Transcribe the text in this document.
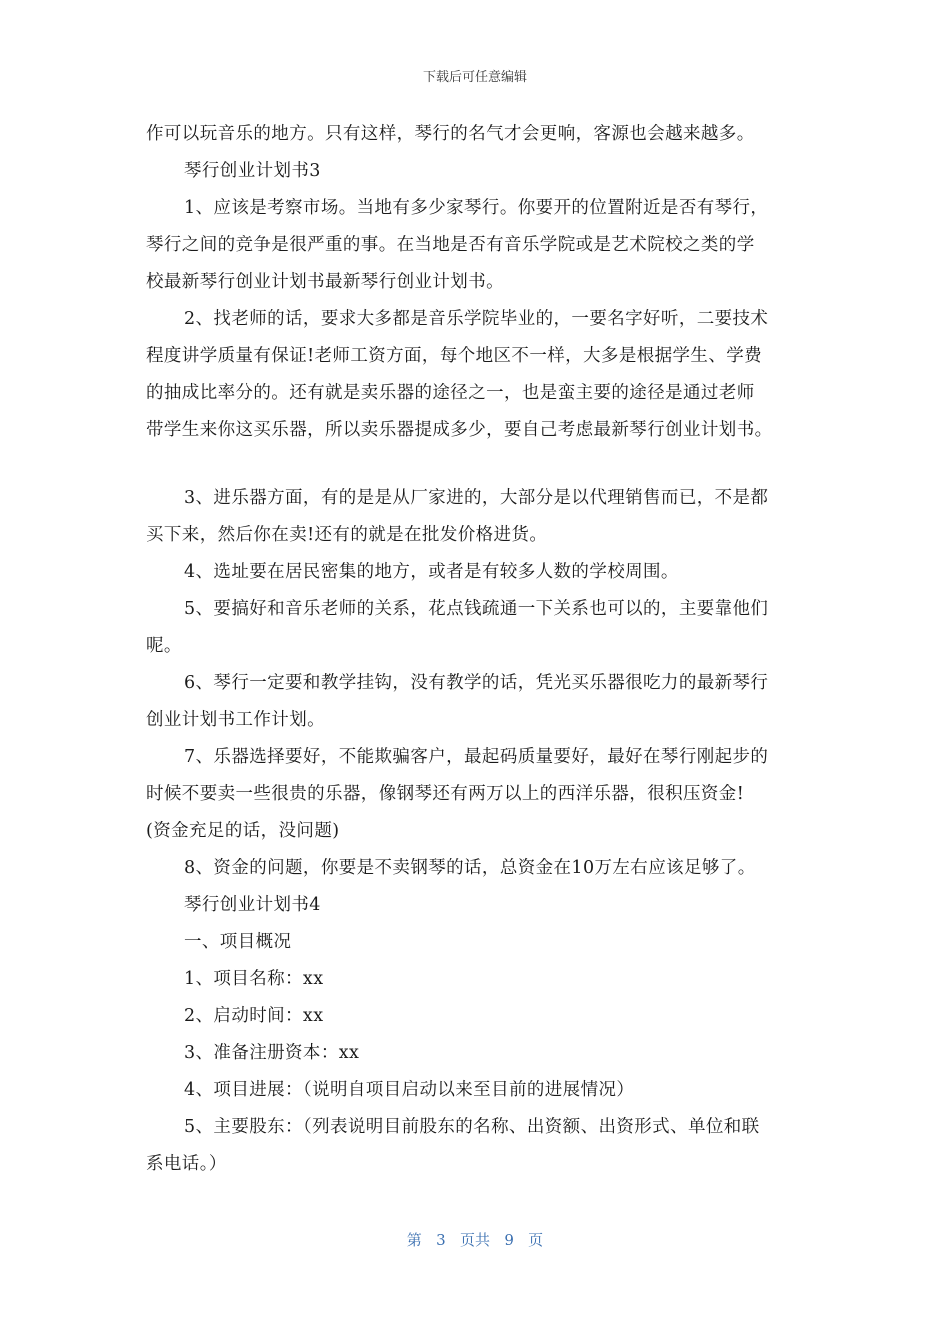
下载后可任意编辑

作可以玩音乐的地方。只有这样，琴行的名气才会更响，客源也会越来越多。

琴行创业计划书3

1、应该是考察市场。当地有多少家琴行。你要开的位置附近是否有琴行，
琴行之间的竞争是很严重的事。在当地是否有音乐学院或是艺术院校之类的学
校最新琴行创业计划书最新琴行创业计划书。

2、找老师的话，要求大多都是音乐学院毕业的，一要名字好听，二要技术
程度讲学质量有保证!老师工资方面，每个地区不一样，大多是根据学生、学费
的抽成比率分的。还有就是卖乐器的途径之一，也是蛮主要的途径是通过老师
带学生来你这买乐器，所以卖乐器提成多少，要自己考虑最新琴行创业计划书。

3、进乐器方面，有的是是从厂家进的，大部分是以代理销售而已，不是都
买下来，然后你在卖!还有的就是在批发价格进货。

4、选址要在居民密集的地方，或者是有较多人数的学校周围。

5、要搞好和音乐老师的关系，花点钱疏通一下关系也可以的，主要靠他们
呢。

6、琴行一定要和教学挂钩，没有教学的话，凭光买乐器很吃力的最新琴行
创业计划书工作计划。

7、乐器选择要好，不能欺骗客户，最起码质量要好，最好在琴行刚起步的
时候不要卖一些很贵的乐器，像钢琴还有两万以上的西洋乐器，很积压资金!
(资金充足的话，没问题)

8、资金的问题，你要是不卖钢琴的话，总资金在10万左右应该足够了。

琴行创业计划书4

一、项目概况

1、项目名称：xx

2、启动时间：xx

3、准备注册资本：xx

4、项目进展：（说明自项目启动以来至目前的进展情况）

5、主要股东：（列表说明目前股东的名称、出资额、出资形式、单位和联
系电话。）

第 3 页共 9 页
